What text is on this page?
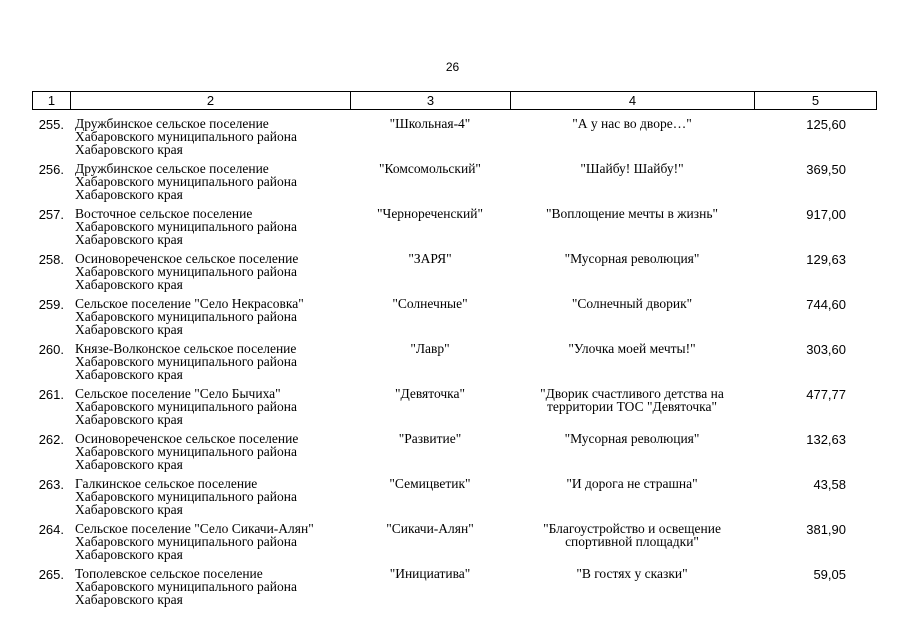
26
1	2	3	4	5
255. Дружбинское сельское поселение
Хабаровского муниципального района
Хабаровского края
"Школьная-4"	"А у нас во дворе…"	125,60
256. Дружбинское сельское поселение
Хабаровского муниципального района
Хабаровского края
"Комсомольский"	"Шайбу! Шайбу!"	369,50
257. Восточное сельское поселение
Хабаровского муниципального района
Хабаровского края
"Чернореченский"	"Воплощение мечты в жизнь"	917,00
258. Осиновореченское сельское поселение
Хабаровского муниципального района
Хабаровского края
"ЗАРЯ"	"Мусорная революция"	129,63
259. Сельское поселение "Село Некрасовка"
Хабаровского муниципального района
Хабаровского края
"Солнечные"	"Солнечный дворик"	744,60
260. Князе-Волконское сельское поселение
Хабаровского муниципального района
Хабаровского края
"Лавр"	"Улочка моей мечты!"	303,60
261. Сельское поселение "Село Бычиха"
Хабаровского муниципального района
Хабаровского края
"Девяточка"	"Дворик счастливого детства на
территории ТОС "Девяточка"
477,77
262. Осиновореченское сельское поселение
Хабаровского муниципального района
Хабаровского края
"Развитие"	"Мусорная революция"	132,63
263. Галкинское сельское поселение
Хабаровского муниципального района
Хабаровского края
"Семицветик"	"И дорога не страшна"	43,58
264. Сельское поселение "Село Сикачи-Алян"
Хабаровского муниципального района
Хабаровского края
"Сикачи-Алян"	"Благоустройство и освещение
спортивной площадки"
381,90
265. Тополевское сельское поселение
Хабаровского муниципального района
Хабаровского края
"Инициатива"	"В гостях у сказки"	59,05
